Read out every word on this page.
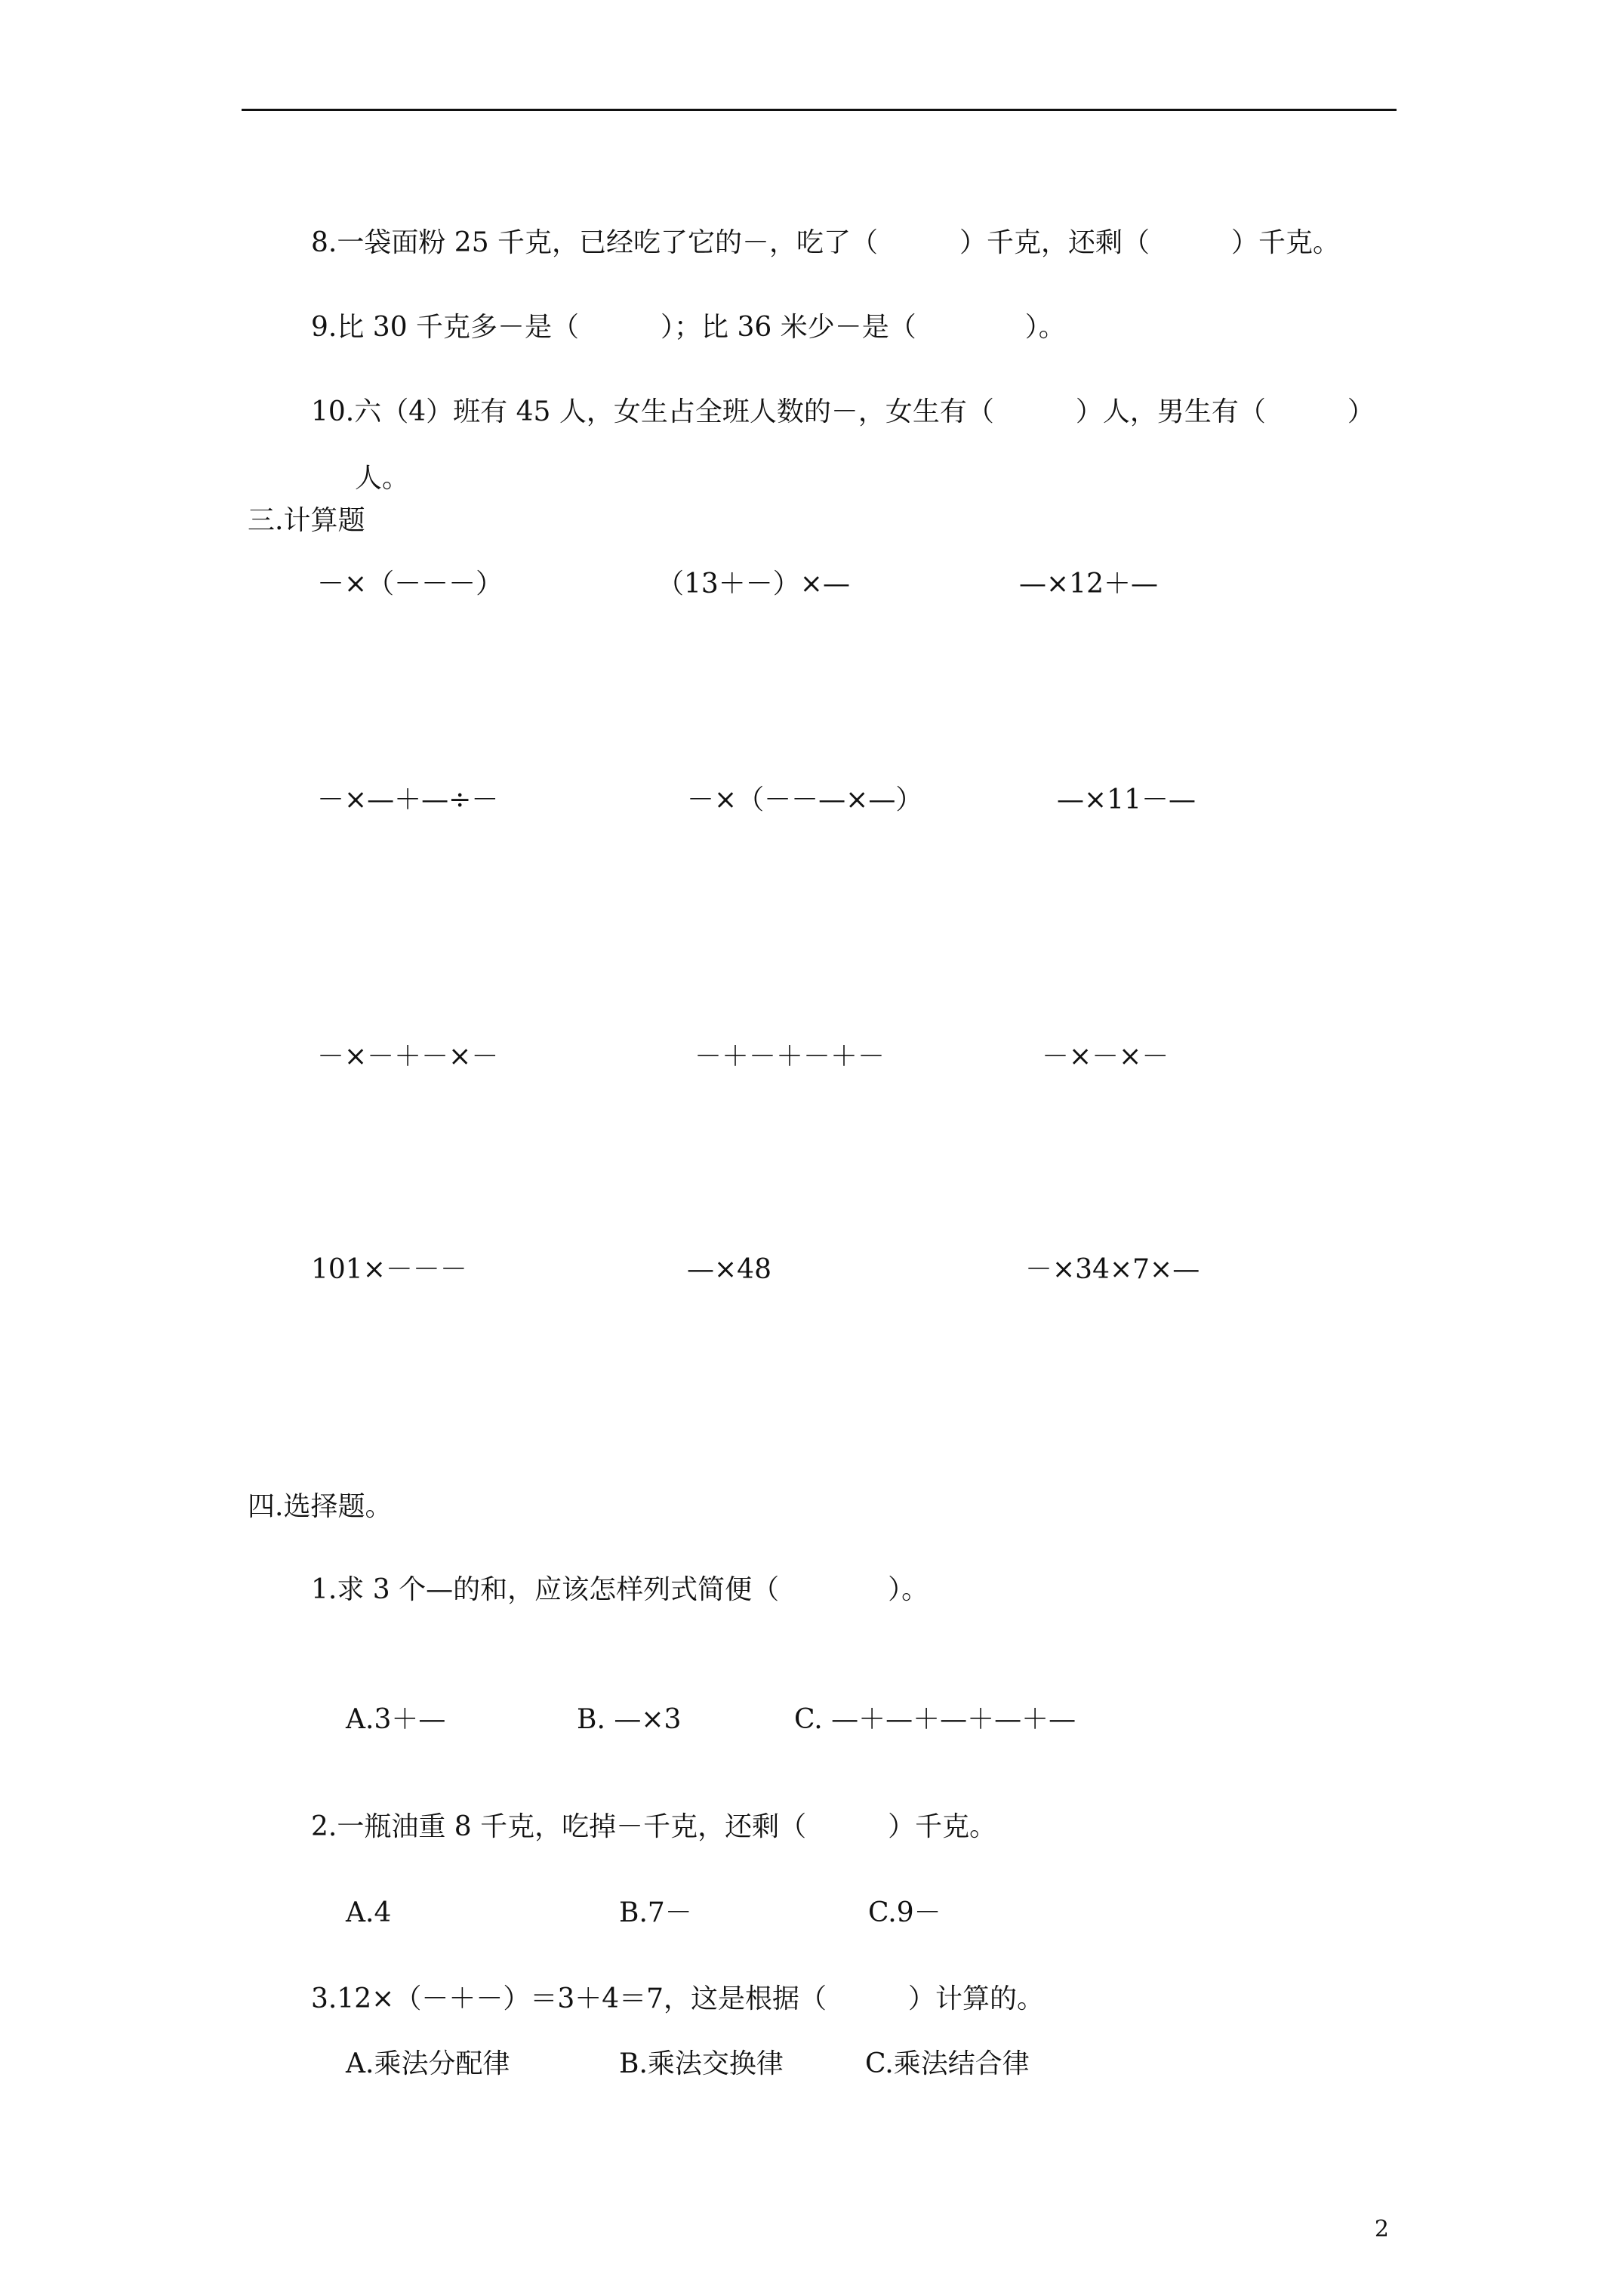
8.一袋面粉 25 千克，已经吃了它的－，吃了（　　　）千克，还剩（　　　）千克。
9.比 30 千克多－是（　　　）；比 36 米少－是（　　　　）。
10.六（4）班有 45 人，女生占全班人数的－，女生有（　　　）人，男生有（　　　）
人。
三.计算题
－×（－－－）	（13＋－）×—	—×12＋—
－×—＋—÷－	－×（－－—×—）	—×11－—
－×－＋－×－	－＋－＋－＋－	－×－×－
101×－－－	—×48	－×34×7×—
四.选择题。
1.求 3 个—的和，应该怎样列式简便（　　　　）。
A.3＋—	B. —×3	C. —＋—＋—＋—＋—
2.一瓶油重 8 千克，吃掉－千克，还剩（　　　）千克。
A.4	B.7－	C.9－
3.12×（－＋－）＝3＋4＝7，这是根据（　　　）计算的。
A.乘法分配律	B.乘法交换律	C.乘法结合律
2
